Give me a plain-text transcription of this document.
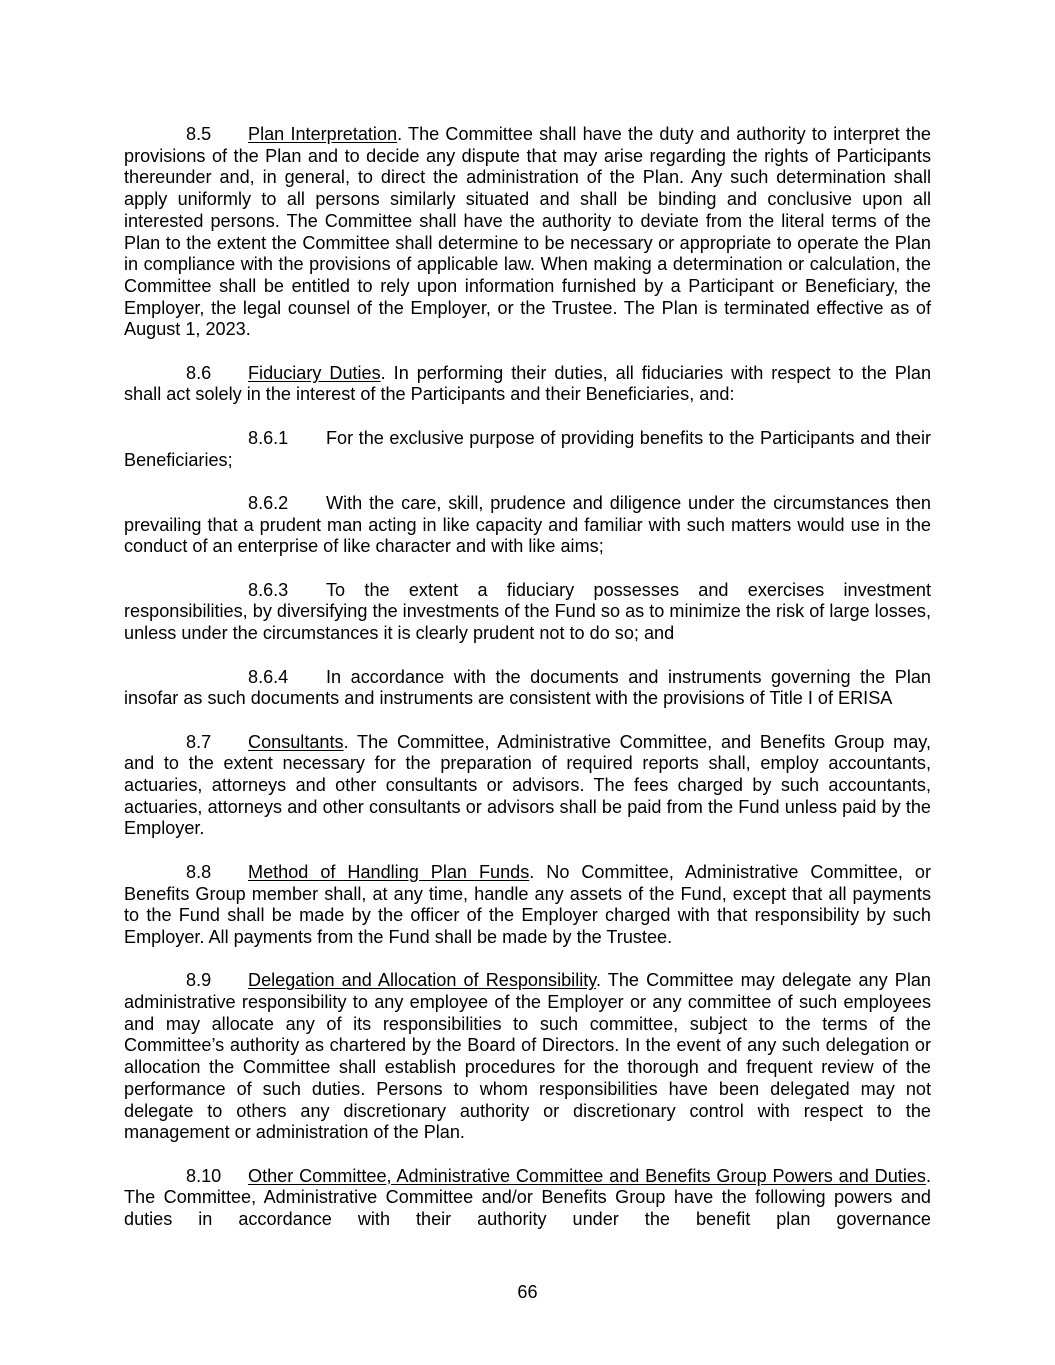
8.5 Plan Interpretation. The Committee shall have the duty and authority to interpret the provisions of the Plan and to decide any dispute that may arise regarding the rights of Participants thereunder and, in general, to direct the administration of the Plan. Any such determination shall apply uniformly to all persons similarly situated and shall be binding and conclusive upon all interested persons. The Committee shall have the authority to deviate from the literal terms of the Plan to the extent the Committee shall determine to be necessary or appropriate to operate the Plan in compliance with the provisions of applicable law. When making a determination or calculation, the Committee shall be entitled to rely upon information furnished by a Participant or Beneficiary, the Employer, the legal counsel of the Employer, or the Trustee. The Plan is terminated effective as of August 1, 2023.

8.6 Fiduciary Duties. In performing their duties, all fiduciaries with respect to the Plan shall act solely in the interest of the Participants and their Beneficiaries, and:

8.6.1 For the exclusive purpose of providing benefits to the Participants and their Beneficiaries;

8.6.2 With the care, skill, prudence and diligence under the circumstances then prevailing that a prudent man acting in like capacity and familiar with such matters would use in the conduct of an enterprise of like character and with like aims;

8.6.3 To the extent a fiduciary possesses and exercises investment responsibilities, by diversifying the investments of the Fund so as to minimize the risk of large losses, unless under the circumstances it is clearly prudent not to do so; and

8.6.4 In accordance with the documents and instruments governing the Plan insofar as such documents and instruments are consistent with the provisions of Title I of ERISA

8.7 Consultants. The Committee, Administrative Committee, and Benefits Group may, and to the extent necessary for the preparation of required reports shall, employ accountants, actuaries, attorneys and other consultants or advisors. The fees charged by such accountants, actuaries, attorneys and other consultants or advisors shall be paid from the Fund unless paid by the Employer.

8.8 Method of Handling Plan Funds. No Committee, Administrative Committee, or Benefits Group member shall, at any time, handle any assets of the Fund, except that all payments to the Fund shall be made by the officer of the Employer charged with that responsibility by such Employer. All payments from the Fund shall be made by the Trustee.

8.9 Delegation and Allocation of Responsibility. The Committee may delegate any Plan administrative responsibility to any employee of the Employer or any committee of such employees and may allocate any of its responsibilities to such committee, subject to the terms of the Committee’s authority as chartered by the Board of Directors. In the event of any such delegation or allocation the Committee shall establish procedures for the thorough and frequent review of the performance of such duties. Persons to whom responsibilities have been delegated may not delegate to others any discretionary authority or discretionary control with respect to the management or administration of the Plan.

8.10 Other Committee, Administrative Committee and Benefits Group Powers and Duties. The Committee, Administrative Committee and/or Benefits Group have the following powers and duties in accordance with their authority under the benefit plan governance

66
